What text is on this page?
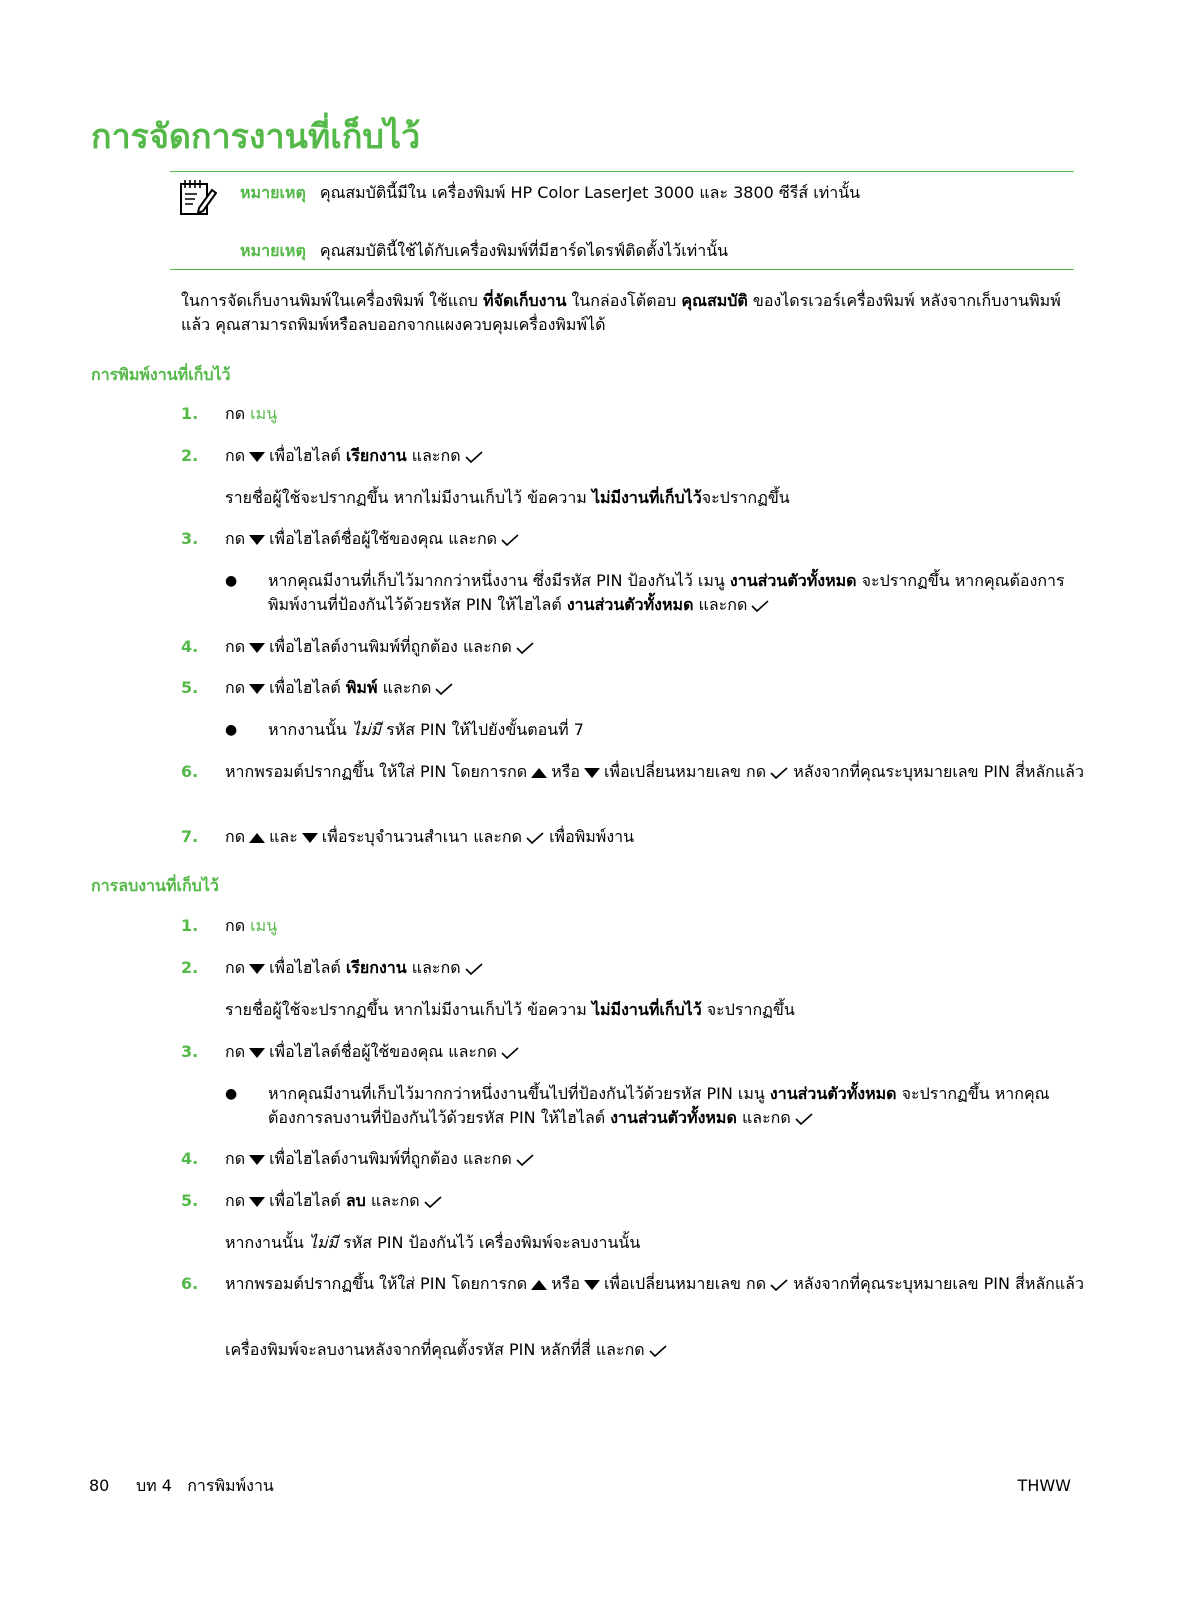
การจัดการงานที่เก็บไว้
หมายเหตุ คุณสมบัตินี้มีใน เครื่องพิมพ์ HP Color LaserJet 3000 และ 3800 ซีรีส์ เท่านั้น
หมายเหตุ คุณสมบัตินี้ใช้ได้กับเครื่องพิมพ์ที่มีฮาร์ดไดรฟ์ติดตั้งไว้เท่านั้น
ในการจัดเก็บงานพิมพ์ในเครื่องพิมพ์ ใช้แถบ ที่จัดเก็บงาน ในกล่องโต้ตอบ คุณสมบัติ ของไดรเวอร์เครื่องพิมพ์ หลังจากเก็บงานพิมพ์แล้ว คุณสามารถพิมพ์หรือลบออกจากแผงควบคุมเครื่องพิมพ์ได้
การพิมพ์งานที่เก็บไว้
1.	กด เมนู
2.	กด เพื่อไฮไลต์ เรียกงาน และกด
รายชื่อผู้ใช้จะปรากฏขึ้น หากไม่มีงานเก็บไว้ ข้อความ ไม่มีงานที่เก็บไว้จะปรากฏขึ้น
3.	กด เพื่อไฮไลต์ชื่อผู้ใช้ของคุณ และกด
● หากคุณมีงานที่เก็บไว้มากกว่าหนึ่งงาน ซึ่งมีรหัส PIN ป้องกันไว้ เมนู งานส่วนตัวทั้งหมด จะปรากฏขึ้น หากคุณต้องการพิมพ์งานที่ป้องกันไว้ด้วยรหัส PIN ให้ไฮไลต์ งานส่วนตัวทั้งหมด และกด
4.	กด เพื่อไฮไลต์งานพิมพ์ที่ถูกต้อง และกด
5.	กด เพื่อไฮไลต์ พิมพ์ และกด
● หากงานนั้น ไม่มี รหัส PIN ให้ไปยังขั้นตอนที่ 7
6.	หากพรอมต์ปรากฏขึ้น ให้ใส่ PIN โดยการกด หรือ เพื่อเปลี่ยนหมายเลข กด หลังจากที่คุณระบุหมายเลข PIN สี่หลักแล้ว
7.	กด และ เพื่อระบุจำนวนสำเนา และกด เพื่อพิมพ์งาน
การลบงานที่เก็บไว้
1.	กด เมนู
2.	กด เพื่อไฮไลต์ เรียกงาน และกด
รายชื่อผู้ใช้จะปรากฏขึ้น หากไม่มีงานเก็บไว้ ข้อความ ไม่มีงานที่เก็บไว้ จะปรากฏขึ้น
3.	กด เพื่อไฮไลต์ชื่อผู้ใช้ของคุณ และกด
● หากคุณมีงานที่เก็บไว้มากกว่าหนึ่งงานขึ้นไปที่ป้องกันไว้ด้วยรหัส PIN เมนู งานส่วนตัวทั้งหมด จะปรากฏขึ้น หากคุณต้องการลบงานที่ป้องกันไว้ด้วยรหัส PIN ให้ไฮไลต์ งานส่วนตัวทั้งหมด และกด
4.	กด เพื่อไฮไลต์งานพิมพ์ที่ถูกต้อง และกด
5.	กด เพื่อไฮไลต์ ลบ และกด
หากงานนั้น ไม่มี รหัส PIN ป้องกันไว้ เครื่องพิมพ์จะลบงานนั้น
6.	หากพรอมต์ปรากฏขึ้น ให้ใส่ PIN โดยการกด หรือ เพื่อเปลี่ยนหมายเลข กด หลังจากที่คุณระบุหมายเลข PIN สี่หลักแล้ว
เครื่องพิมพ์จะลบงานหลังจากที่คุณตั้งรหัส PIN หลักที่สี่ และกด
80 บท 4   การพิมพ์งาน	THWW
